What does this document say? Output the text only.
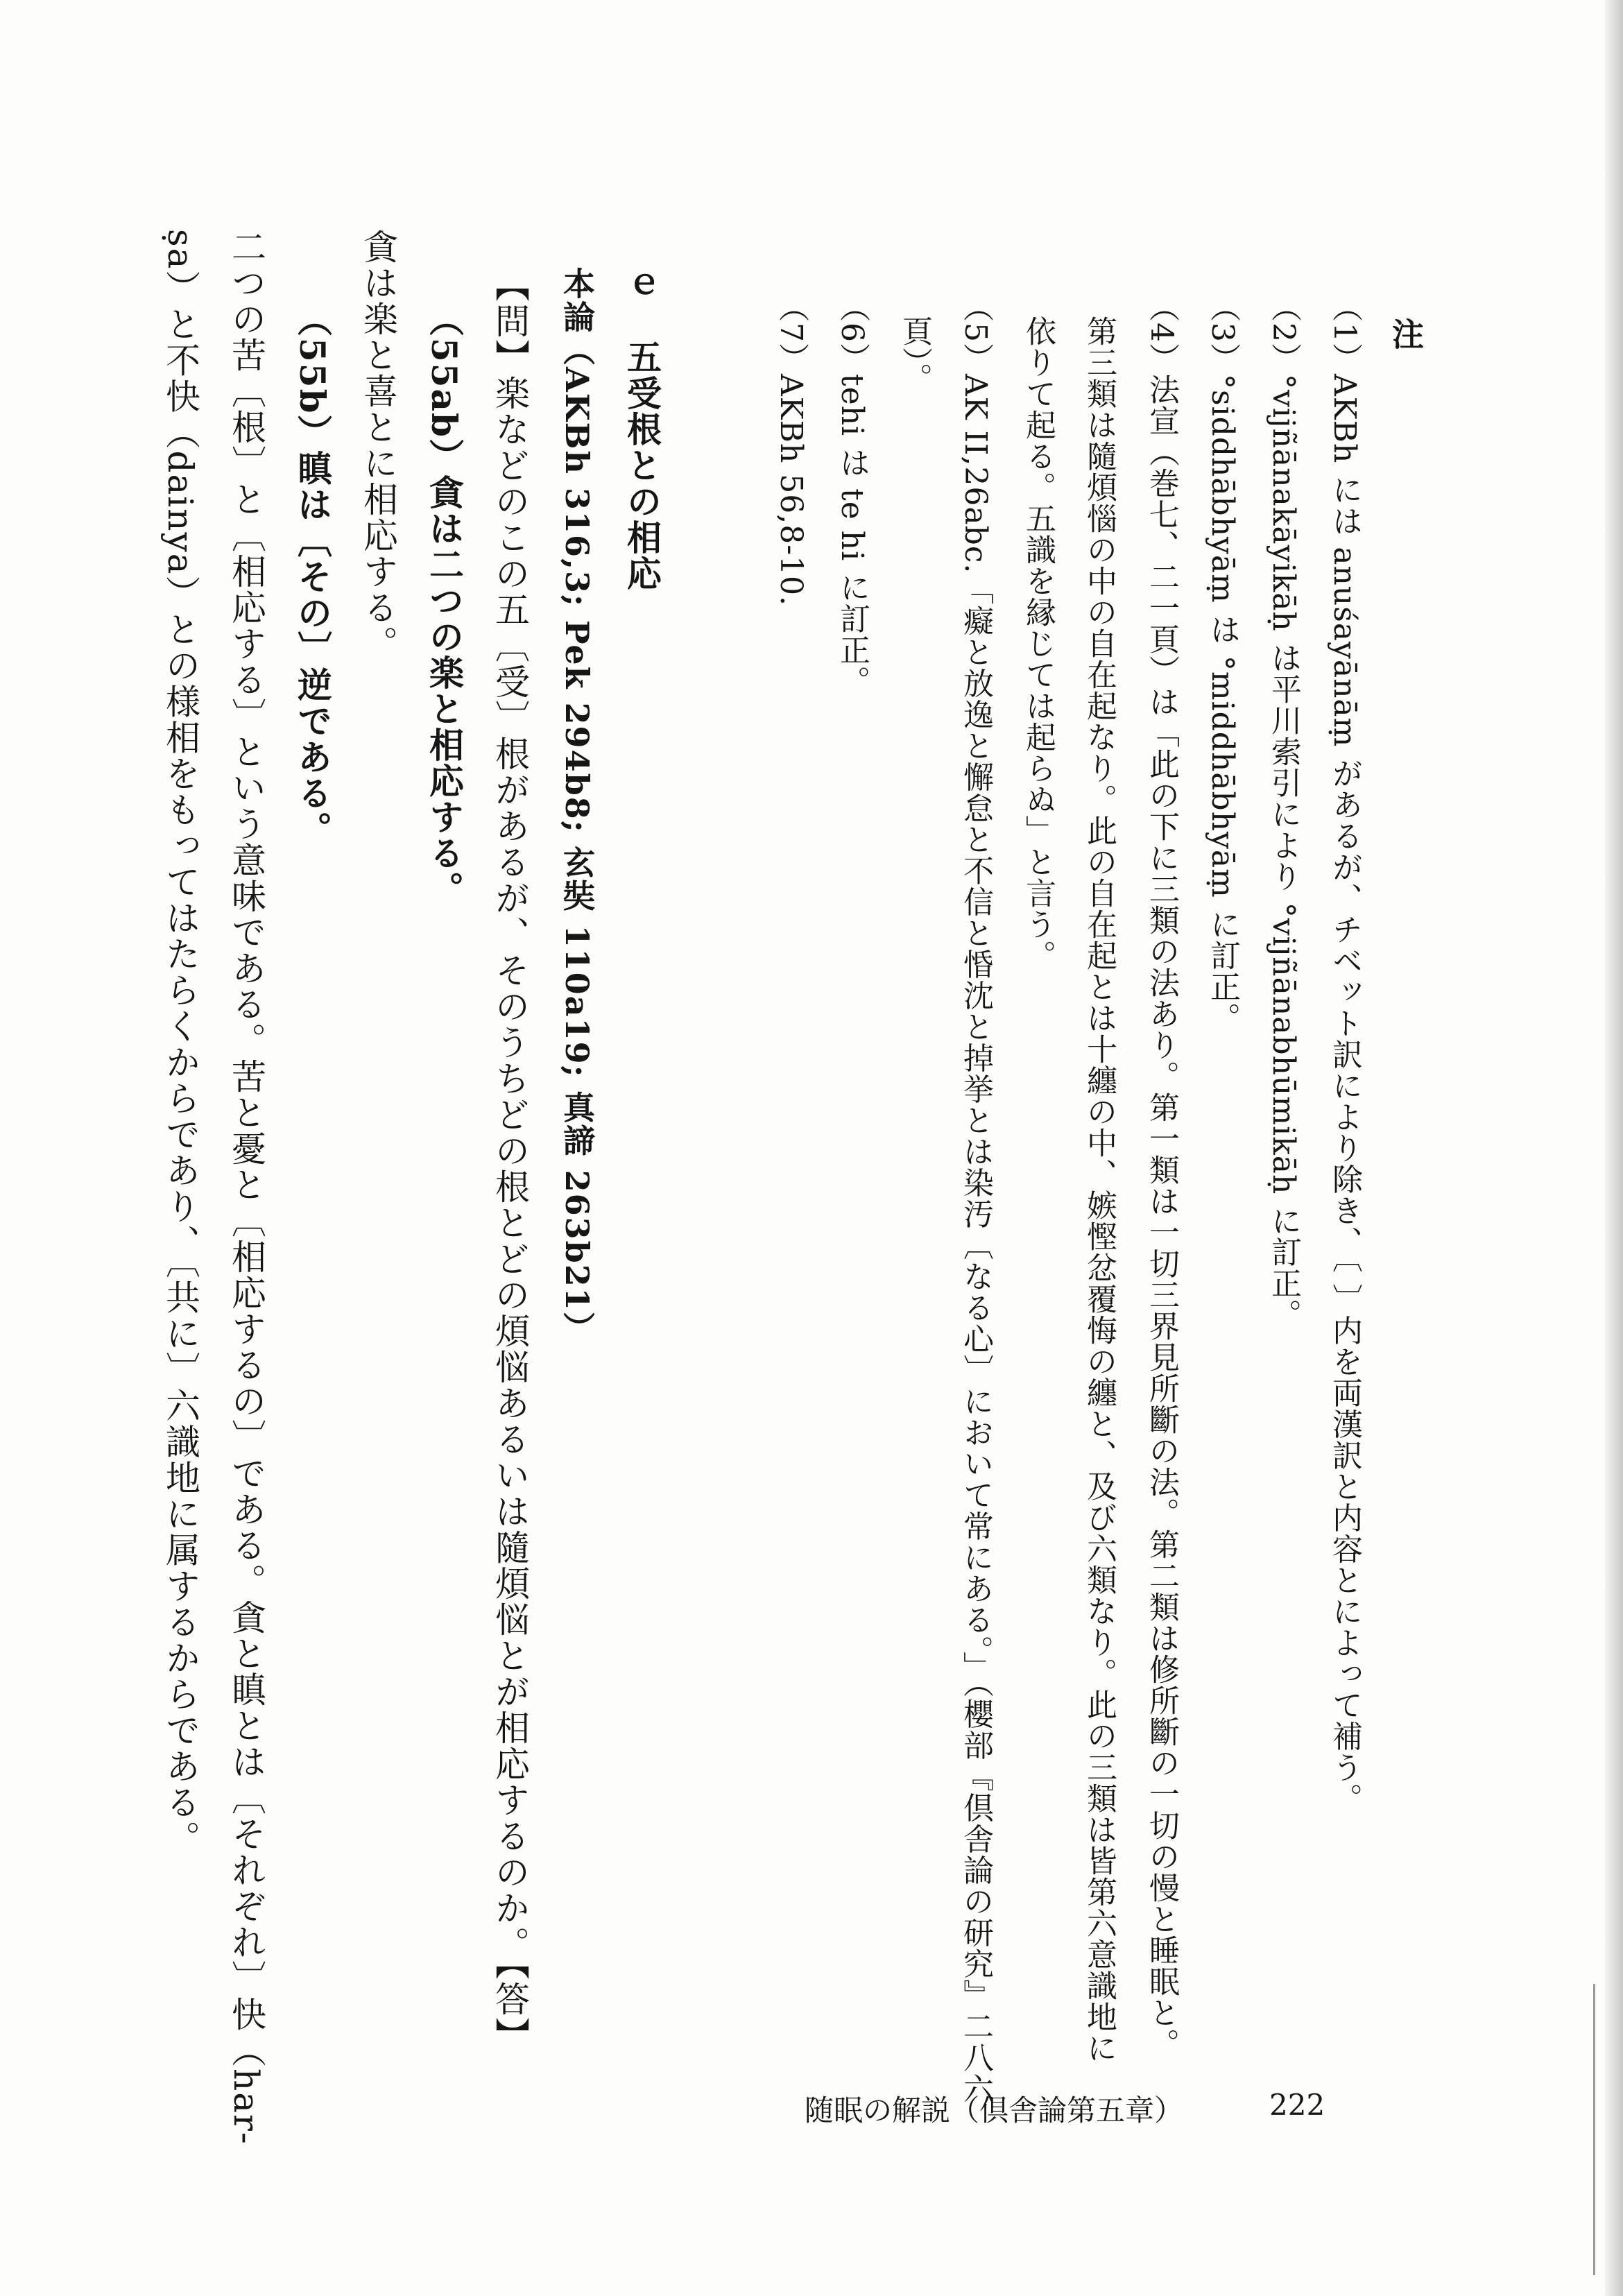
注
（1）AKBh には anuśayānāṃ があるが、チベット訳により除き、〔 〕内を両漢訳と内容とによって補う。
（2）°vijñānakāyikāḥ は平川索引により °vijñānabhūmikāḥ に訂正。
（3）°siddhābhyāṃ は °middhābhyāṃ に訂正。
（4）法宣（巻七、二一頁）は「此の下に三類の法あり。第一類は一切三界見所斷の法。第二類は修所斷の一切の慢と睡眠と。
第三類は隨煩惱の中の自在起なり。此の自在起とは十纏の中、嫉慳忿覆悔の纏と、及び六類なり。此の三類は皆第六意識地に
依りて起る。五識を縁じては起らぬ」と言う。
（5）AK II,26abc.「癡と放逸と懈怠と不信と惛沈と掉挙とは染汚〔なる心〕において常にある。」（櫻部『倶舎論の研究』二八六
頁）。
（6）tehi は te hi に訂正。
（7）AKBh 56,8-10.
ｅ　五受根との相応
本論（AKBh 316,3; Pek 294b8; 玄奘 110a19; 真諦 263b21）
【問】楽などのこの五〔受〕根があるが、そのうちどの根とどの煩悩あるいは隨煩悩とが相応するのか。【答】
（55ab）貪は二つの楽と相応する。
貪は楽と喜とに相応する。
（55b）瞋は〔その〕逆である。
二つの苦〔根〕と〔相応する〕という意味である。苦と憂と〔相応するの〕である。貪と瞋とは〔それぞれ〕快（har-
ṣa）と不快（dainya）との様相をもってはたらくからであり、〔共に〕六識地に属するからである。
随眠の解説（倶舎論第五章）	222
